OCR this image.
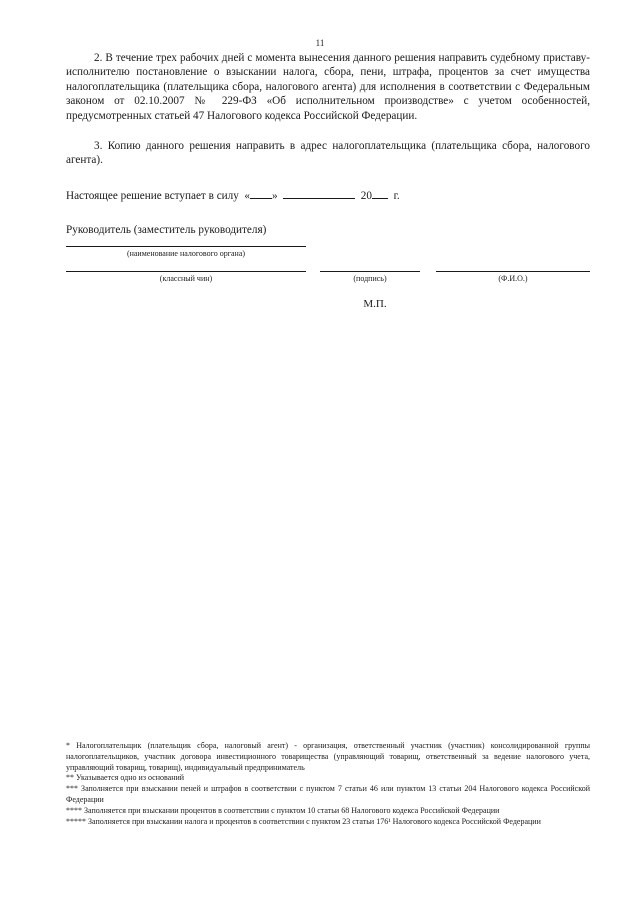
11
2. В течение трех рабочих дней с момента вынесения данного решения направить судебному приставу-исполнителю постановление о взыскании налога, сбора, пени, штрафа, процентов за счет имущества налогоплательщика (плательщика сбора, налогового агента) для исполнения в соответствии с Федеральным законом от 02.10.2007 № 229-ФЗ «Об исполнительном производстве» с учетом особенностей, предусмотренных статьей 47 Налогового кодекса Российской Федерации.
3. Копию данного решения направить в адрес налогоплательщика (плательщика сбора, налогового агента).
Настоящее решение вступает в силу « »	20 г.
Руководитель (заместитель руководителя)
(наименование налогового органа)
(классный чин)	(подпись)	(Ф.И.О.)
М.П.
* Налогоплательщик (плательщик сбора, налоговый агент) - организация, ответственный участник (участник) консолидированной группы налогоплательщиков, участник договора инвестиционного товарищества (управляющий товарищ, ответственный за ведение налогового учета, управляющий товарищ, товарищ), индивидуальный предприниматель
** Указывается одно из оснований
*** Заполняется при взыскании пеней и штрафов в соответствии с пунктом 7 статьи 46 или пунктом 13 статьи 204 Налогового кодекса Российской Федерации
**** Заполняется при взыскании процентов в соответствии с пунктом 10 статьи 68 Налогового кодекса Российской Федерации
***** Заполняется при взыскании налога и процентов в соответствии с пунктом 23 статьи 176¹ Налогового кодекса Российской Федерации
